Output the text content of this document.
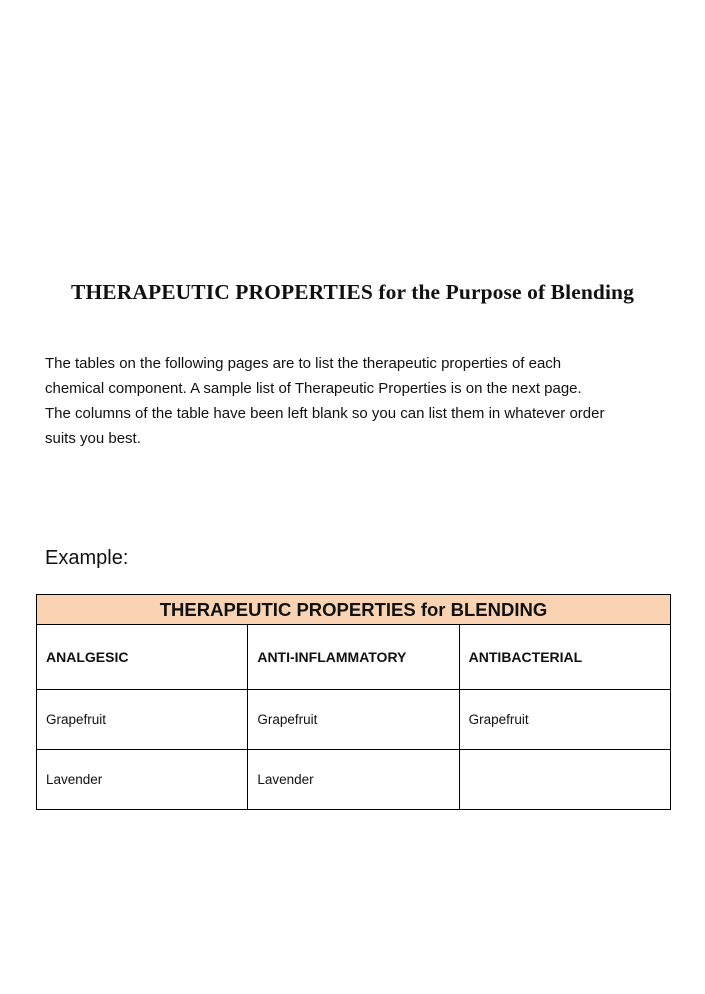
THERAPEUTIC PROPERTIES for the Purpose of Blending

The tables on the following pages are to list the therapeutic properties of each
chemical component. A sample list of Therapeutic Properties is on the next page.
The columns of the table have been left blank so you can list them in whatever order
suits you best.

Example:
THERAPEUTIC PROPERTIES for BLENDING		
ANALGESIC	ANTI-INFLAMMATORY	ANTIBACTERIAL
Grapefruit	Grapefruit	Grapefruit
Lavender	Lavender	
